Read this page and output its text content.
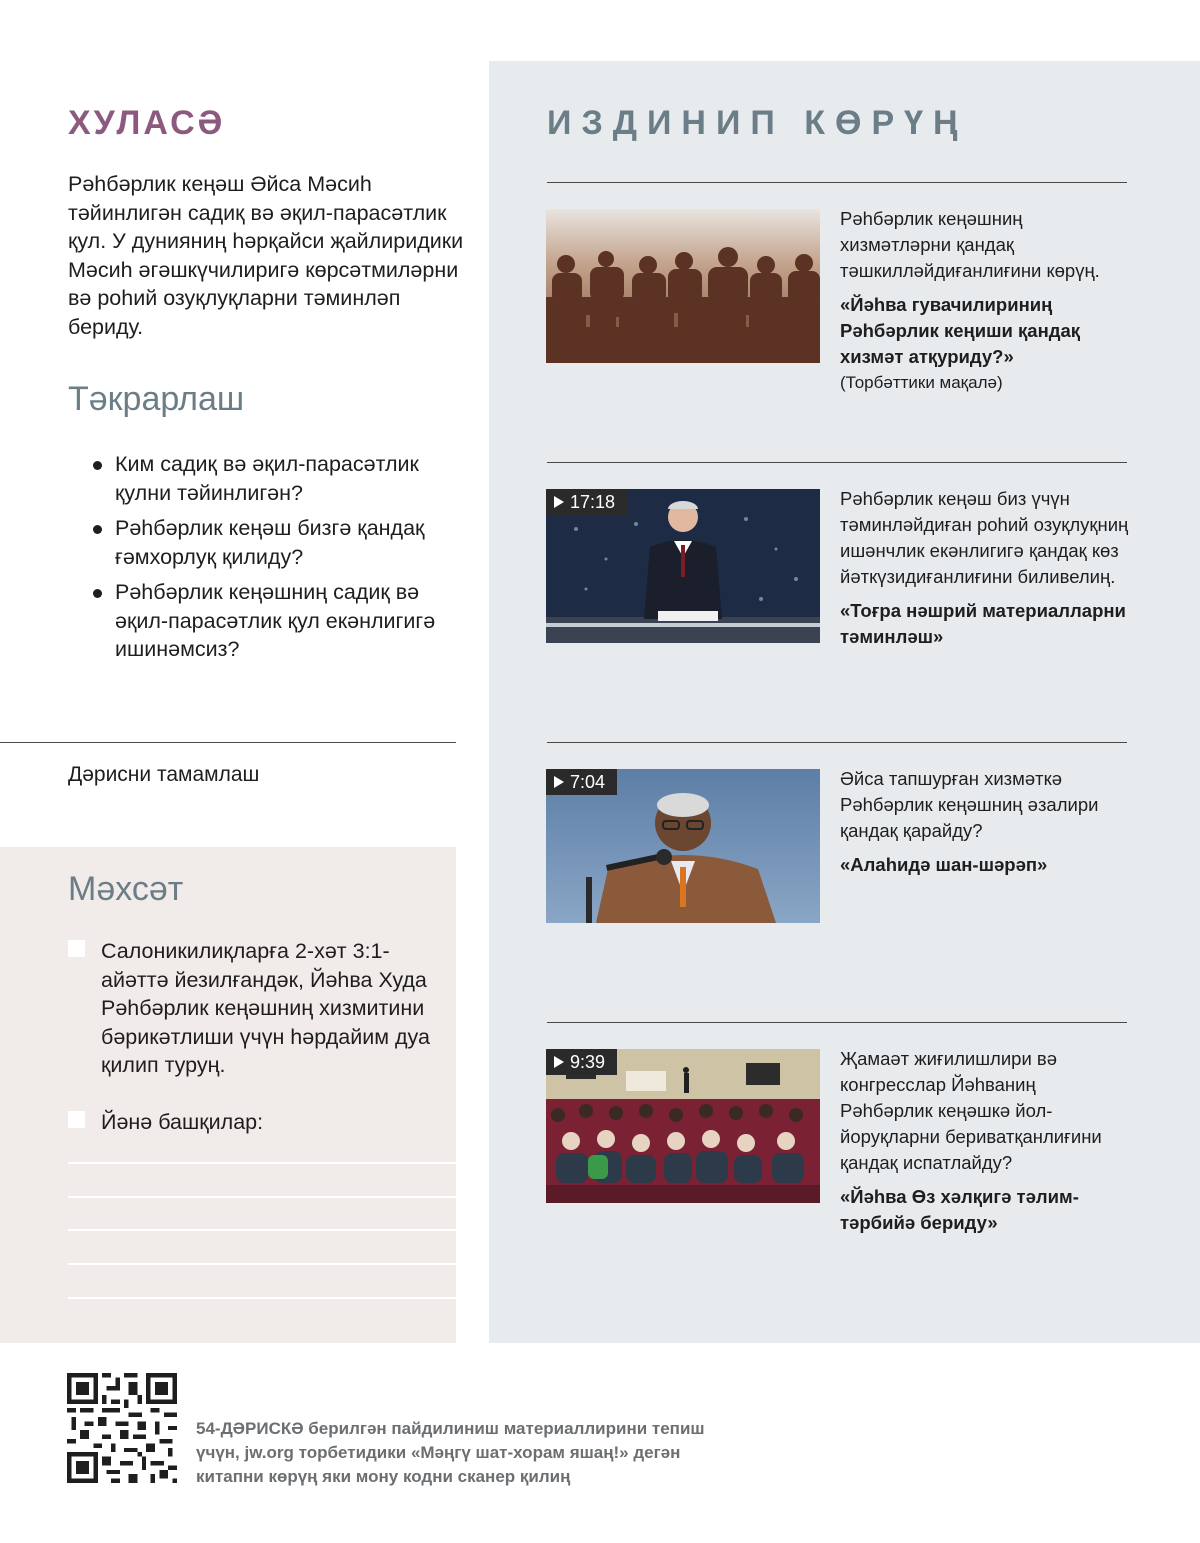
ХУЛАСӘ

Рәһбәрлик кеңәш Әйса Мәсиһ тәйинлигән садиқ вә әқил-парасәтлик қул. У дунияниң һәрқайси җайлиридики Мәсиһ әгәшкүчилиригә көрсәтмиләрни вә роһий озуқлуқларни тәминләп бериду.

Тәкрарлаш
Ким садиқ вә әқил-парасәтлик қулни тәйинлигән?
Рәһбәрлик кеңәш бизгә қандақ ғәмхорлуқ қилиду?
Рәһбәрлик кеңәшниң садиқ вә әқил-парасәтлик қул екәнлигигә ишинәмсиз?
Дәрисни тамамлаш
Мәхсәт
Салоникилиқларға 2-хәт 3:1-айәттә йезилғандәк, Йәһва Худа Рәһбәрлик кеңәшниң хизмитини бәрикәтлиши үчүн һәрдайим дуа қилип туруң.
Йәнә башқилар:
ИЗДИНИП КӨРҮҢ

Рәһбәрлик кеңәшниң хизмәтләрни қандақ тәшкилләйдиғанлиғини көрүң.

«Йәһва гувачилириниң Рәһбәрлик кеңиши қандақ хизмәт атқуриду?»

(Торбәттики мақалә)

17:18	Рәһбәрлик кеңәш биз үчүн тәминләйдиған роһий озуқлуқниң ишәнчлик екәнлигигә қандақ көз йәткүзидиғанлиғини биливелиң.

«Тоғра нәшрий материалларни тәминләш»

7:04	Әйса тапшурған хизмәткә Рәһбәрлик кеңәшниң әзалири қандақ қарайду?

«Алаһидә шан-шәрәп»

9:39	Җамаәт жиғилишлири вә конгресслар Йәһваниң Рәһбәрлик кеңәшкә йол-йоруқларни бериватқанлиғини қандақ испатлайду?

«Йәһва Өз хәлқигә тәлим-тәрбийә бериду»

54-ДӘРИСКӘ берилгән пайдилиниш материаллирини тепиш үчүн, jw.org торбетидики «Мәңгү шат-хорам яшаң!» дегән китапни көрүң яки мону кодни сканер қилиң
